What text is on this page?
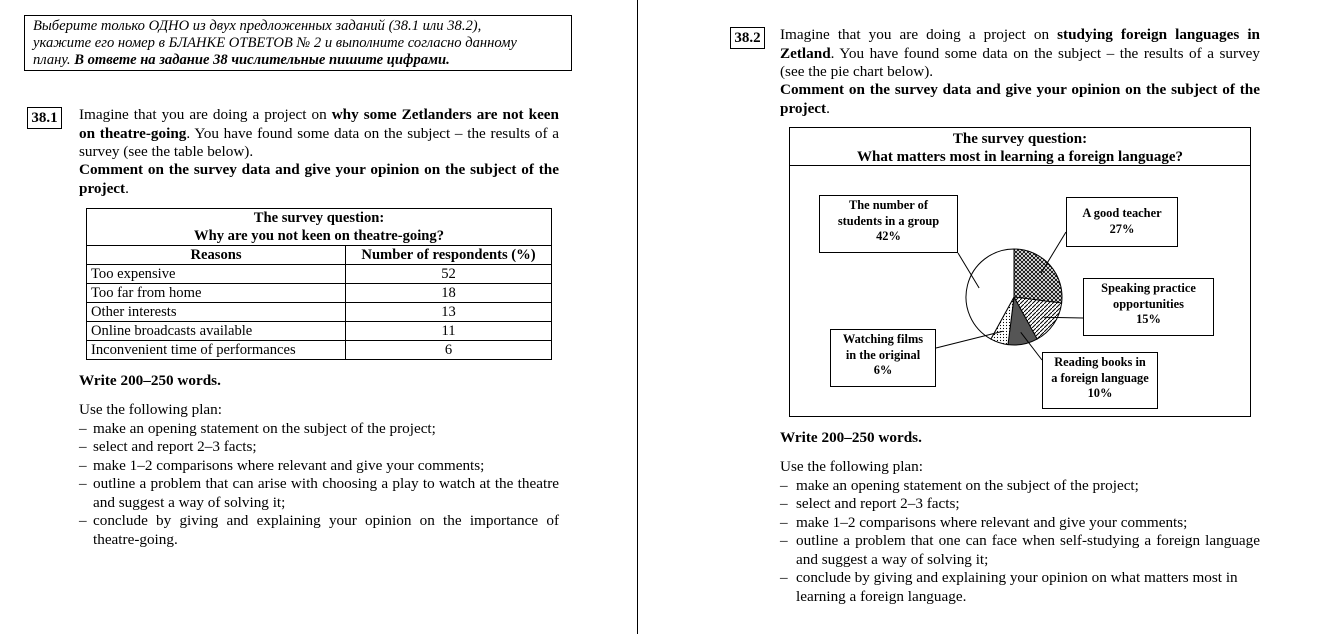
Выберите только ОДНО из двух предложенных заданий (38.1 или 38.2),
укажите его номер в БЛАНКЕ ОТВЕТОВ № 2 и выполните согласно данному
плану. В ответе на задание 38 числительные пишите цифрами.
38.1 Imagine that you are doing a project on why some Zetlanders are not keen on theatre-going. You have found some data on the subject – the results of a survey (see the table below).
Comment on the survey data and give your opinion on the subject of the project.
The survey question:
Why are you not keen on theatre-going?	

Reasons	Number of respondents (%)
Too expensive	52
Too far from home	18
Other interests	13
Online broadcasts available	11
Inconvenient time of performances	6
Write 200–250 words.
Use the following plan:
– make an opening statement on the subject of the project;
– select and report 2–3 facts;
– make 1–2 comparisons where relevant and give your comments;
– outline a problem that can arise with choosing a play to watch at the theatre and suggest a way of solving it;
– conclude by giving and explaining your opinion on the importance of theatre-going.
38.2 Imagine that you are doing a project on studying foreign languages in Zetland. You have found some data on the subject – the results of a survey (see the pie chart below).
Comment on the survey data and give your opinion on the subject of the project.
The survey question:
What matters most in learning a foreign language?
The number of
students in a group
42%
A good teacher
27%
Speaking practice
opportunities
15%
Watching films
in the original
6%
Reading books in
a foreign language
10%
Write 200–250 words.
Use the following plan:
– make an opening statement on the subject of the project;
– select and report 2–3 facts;
– make 1–2 comparisons where relevant and give your comments;
– outline a problem that one can face when self-studying a foreign language and suggest a way of solving it;
– conclude by giving and explaining your opinion on what matters most in learning a foreign language.
